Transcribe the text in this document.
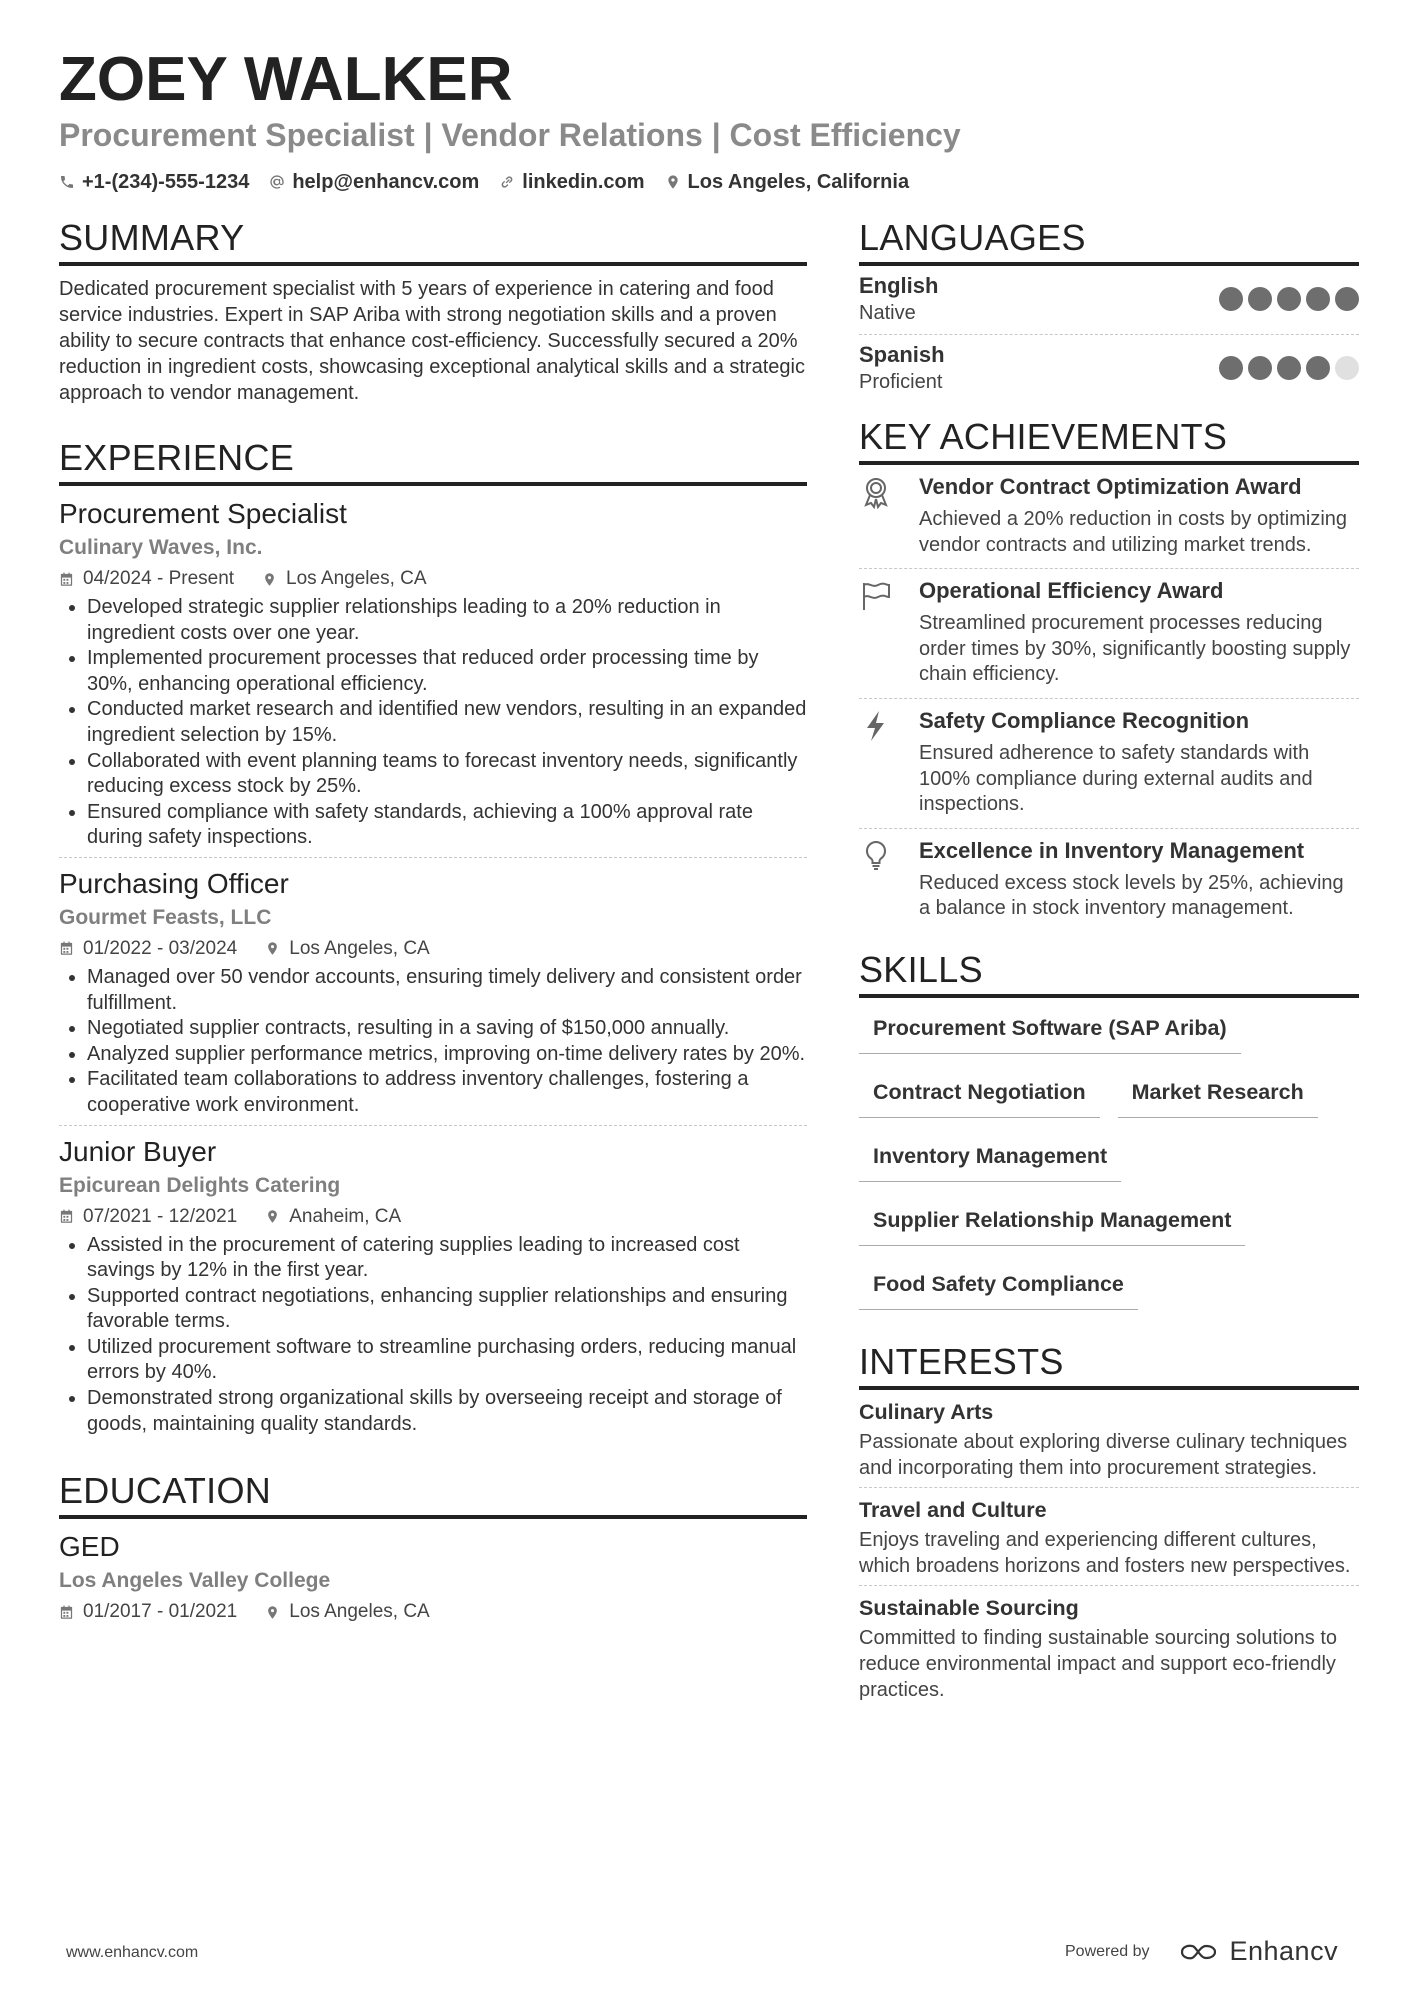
ZOEY WALKER
Procurement Specialist | Vendor Relations | Cost Efficiency
+1-(234)-555-1234 help@enhancv.com linkedin.com Los Angeles, California
SUMMARY

Dedicated procurement specialist with 5 years of experience in catering and food service industries. Expert in SAP Ariba with strong negotiation skills and a proven ability to secure contracts that enhance cost-efficiency. Successfully secured a 20% reduction in ingredient costs, showcasing exceptional analytical skills and a strategic approach to vendor management.

EXPERIENCE
Procurement Specialist
Culinary Waves, Inc.
04/2024 - Present	Los Angeles, CA
• Developed strategic supplier relationships leading to a 20% reduction in ingredient costs over one year.
• Implemented procurement processes that reduced order processing time by 30%, enhancing operational efficiency.
• Conducted market research and identified new vendors, resulting in an expanded ingredient selection by 15%.
• Collaborated with event planning teams to forecast inventory needs, significantly reducing excess stock by 25%.
• Ensured compliance with safety standards, achieving a 100% approval rate during safety inspections.
Purchasing Officer
Gourmet Feasts, LLC
01/2022 - 03/2024	Los Angeles, CA
• Managed over 50 vendor accounts, ensuring timely delivery and consistent order fulfillment.
• Negotiated supplier contracts, resulting in a saving of $150,000 annually.
• Analyzed supplier performance metrics, improving on-time delivery rates by 20%.
• Facilitated team collaborations to address inventory challenges, fostering a cooperative work environment.
Junior Buyer
Epicurean Delights Catering
07/2021 - 12/2021	Anaheim, CA
• Assisted in the procurement of catering supplies leading to increased cost savings by 12% in the first year.
• Supported contract negotiations, enhancing supplier relationships and ensuring favorable terms.
• Utilized procurement software to streamline purchasing orders, reducing manual errors by 40%.
• Demonstrated strong organizational skills by overseeing receipt and storage of goods, maintaining quality standards.
EDUCATION
GED
Los Angeles Valley College
01/2017 - 01/2021	Los Angeles, CA
LANGUAGES
English
Native
Spanish
Proficient
KEY ACHIEVEMENTS
Vendor Contract Optimization Award
Achieved a 20% reduction in costs by optimizing vendor contracts and utilizing market trends.
Operational Efficiency Award
Streamlined procurement processes reducing order times by 30%, significantly boosting supply chain efficiency.
Safety Compliance Recognition
Ensured adherence to safety standards with 100% compliance during external audits and inspections.
Excellence in Inventory Management
Reduced excess stock levels by 25%, achieving a balance in stock inventory management.
SKILLS
Procurement Software (SAP Ariba)
Contract Negotiation	Market Research
Inventory Management
Supplier Relationship Management
Food Safety Compliance
INTERESTS
Culinary Arts
Passionate about exploring diverse culinary techniques and incorporating them into procurement strategies.
Travel and Culture
Enjoys traveling and experiencing different cultures, which broadens horizons and fosters new perspectives.
Sustainable Sourcing
Committed to finding sustainable sourcing solutions to reduce environmental impact and support eco-friendly practices.
www.enhancv.com	Powered by	Enhancv
